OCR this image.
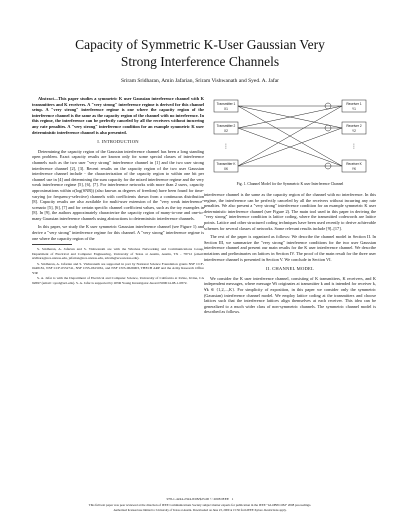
Capacity of Symmetric K-User Gaussian Very
Strong Interference Channels
Sriram Sridharan, Amin Jafarian, Sriram Vishwanath and Syed. A. Jafar

Abstract—This paper studies a symmetric K user Gaussian interference channel with K transmitters and K receivers. A "very strong" interference regime is derived for this channel setup. A "very strong" interference regime is one where the capacity region of the interference channel is the same as the capacity region of the channel with no interference. In this regime, the interference can be perfectly canceled by all the receivers without incurring any rate penalties. A "very strong" interference condition for an example symmetric K user deterministic interference channel is also presented.

I. INTRODUCTION

Determining the capacity region of the Gaussian interference channel has been a long standing open problem. Exact capacity results are known only for some special classes of interference channels such as the two user "very strong" interference channel in [1] and the two user strong interference channel [2], [3]. Recent results on the capacity region of the two user Gaussian interference channel include - the characterization of the capacity region to within one bit per channel use in [4] and determining the sum capacity for the mixed interference regime and the very weak interference regime [5], [6], [7]. For interference networks with more than 2 users, capacity approximations within o(log(SNR)) (also known as degrees of freedom) have been found for time-varying (or frequency-selective) channels with coefficients drawn from a continuous distribution [8]. Capacity results are also available for multi-user extension of the "very weak interference" scenario [5], [6], [7] and for certain specific channel coefficient values, such as the toy examples in [8]. In [9], the authors approximately characterize the capacity region of many-to-one and one-to-many Gaussian interference channels using abstractions to deterministic interference channels.

In this paper, we study the K user symmetric Gaussian interference channel (see Figure 1) and derive a "very strong" interference regime for this channel. A "very strong" interference regime is one where the capacity region of the

S. Sridharan, A. Jafarian and S. Vishwanath are with the Wireless Networking and Communications Group, Department of Electrical and Computer Engineering, University of Texas at Austin, Austin, TX - 78712 (email: sridhara@ece.utexas.edu, jafarian@ece.utexas.edu, sriram@ece.utexas.edu).

S. Sridharan, A. Jafarian and S. Vishwanath are supported in part by National Science Foundation grants NSF CCF-0448181, NSF CCF-0552741, NSF CNS-0615061, and NSF CNS-0626903, THECB ARP and the Army Research Office YIP.

S. A. Jafar is with the Department of Electrical and Computer Science, University of California at Irvine, Irvine, CA 92697 (email : syed@uci.edu). S. A. Jafar is supported by ONR Young Investigator Award N00014-08-1-0872.

Transmitter 1
X1
Transmitter 2
X2
Transmitter K
XK
Receiver 1
Y1
Receiver 2
Y2
Receiver K
YK
⋮	⋮
Fig. 1. Channel Model for the Symmetric K user Interference Channel

interference channel is the same as the capacity region of the channel with no interference. In this regime, the interference can be perfectly canceled by all the receivers without incurring any rate penalties. We also present a "very strong" interference condition for an example symmetric K user deterministic interference channel (see Figure 2). The main tool used in this paper in deriving the "very strong" interference condition is lattice coding, where the transmitted codewords are lattice points. Lattice and other structured coding techniques have been used recently to derive achievable schemes for several classes of networks. Some relevant results include [9]–[17].

The rest of the paper is organized as follows: We describe the channel model in Section II. In Section III, we summarize the "very strong" interference conditions for the two user Gaussian interference channel and present our main results for the K user interference channel. We describe notations and preliminaries on lattices in Section IV. The proof of the main result for the three user interference channel is presented in Section V. We conclude in Section VI.

II. CHANNEL MODEL

We consider the K user interference channel, consisting of K transmitters, K receivers, and K independent messages, where message Wi originates at transmitter k and is intended for receiver k, ∀k ∈ {1,2,...,K}. For simplicity of exposition, in this paper we consider only the symmetric (Gaussian) interference channel model. We employ lattice coding at the transmitters and choose lattices such that the interference lattices align themselves at each receiver. This idea can be generalized to a much wider class of non-symmetric channels. The symmetric channel model is described as follows.

978-1-4244-2324-8/08/$25.00 © 2008 IEEE 1
This full text paper was peer reviewed at the direction of IEEE Communications Society subject matter experts for publication in the IEEE "GLOBECOM" 2008 proceedings.
Authorized licensed use limited to: University of Texas at Austin. Downloaded on June 23, 2009 at 15:56 from IEEE Xplore. Restrictions apply.
